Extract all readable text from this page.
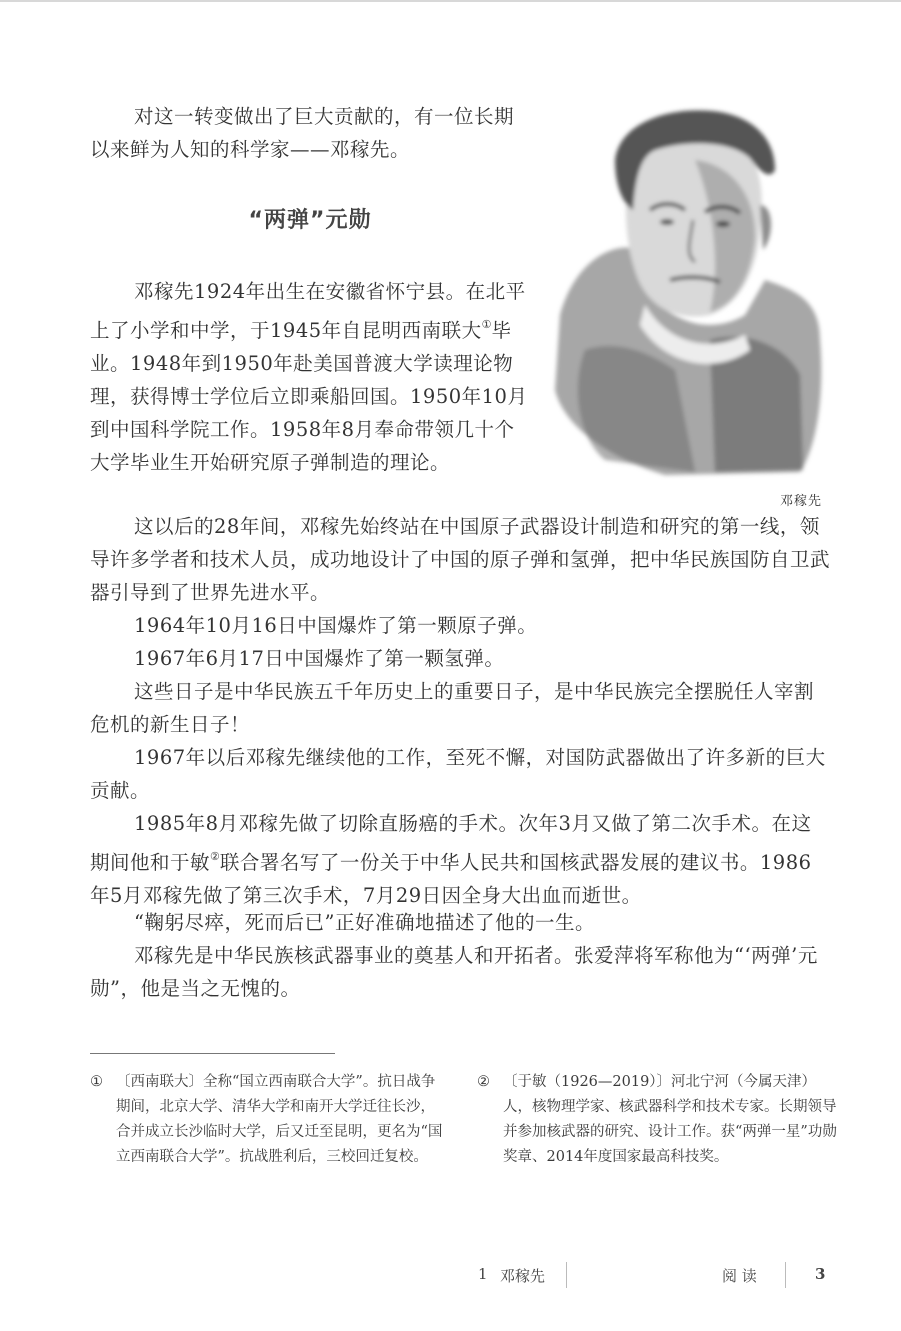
对这一转变做出了巨大贡献的，有一位长期以来鲜为人知的科学家——邓稼先。

“两弹”元勋

邓稼先1924年出生在安徽省怀宁县。在北平上了小学和中学，于1945年自昆明西南联大①毕业。1948年到1950年赴美国普渡大学读理论物理，获得博士学位后立即乘船回国。1950年10月到中国科学院工作。1958年8月奉命带领几十个大学毕业生开始研究原子弹制造的理论。

邓稼先

这以后的28年间，邓稼先始终站在中国原子武器设计制造和研究的第一线，领导许多学者和技术人员，成功地设计了中国的原子弹和氢弹，把中华民族国防自卫武器引导到了世界先进水平。

1964年10月16日中国爆炸了第一颗原子弹。

1967年6月17日中国爆炸了第一颗氢弹。

这些日子是中华民族五千年历史上的重要日子，是中华民族完全摆脱任人宰割危机的新生日子！

1967年以后邓稼先继续他的工作，至死不懈，对国防武器做出了许多新的巨大贡献。

1985年8月邓稼先做了切除直肠癌的手术。次年3月又做了第二次手术。在这期间他和于敏②联合署名写了一份关于中华人民共和国核武器发展的建议书。1986年5月邓稼先做了第三次手术，7月29日因全身大出血而逝世。

“鞠躬尽瘁，死而后已”正好准确地描述了他的一生。

邓稼先是中华民族核武器事业的奠基人和开拓者。张爱萍将军称他为“‘两弹’元勋”，他是当之无愧的。

① 〔西南联大〕全称“国立西南联合大学”。抗日战争期间，北京大学、清华大学和南开大学迁往长沙，合并成立长沙临时大学，后又迁至昆明，更名为“国立西南联合大学”。抗战胜利后，三校回迁复校。
② 〔于敏（1926—2019）〕河北宁河（今属天津）人，核物理学家、核武器科学和技术专家。长期领导并参加核武器的研究、设计工作。获“两弹一星”功勋奖章、2014年度国家最高科技奖。
1 邓稼先	阅 读	3
